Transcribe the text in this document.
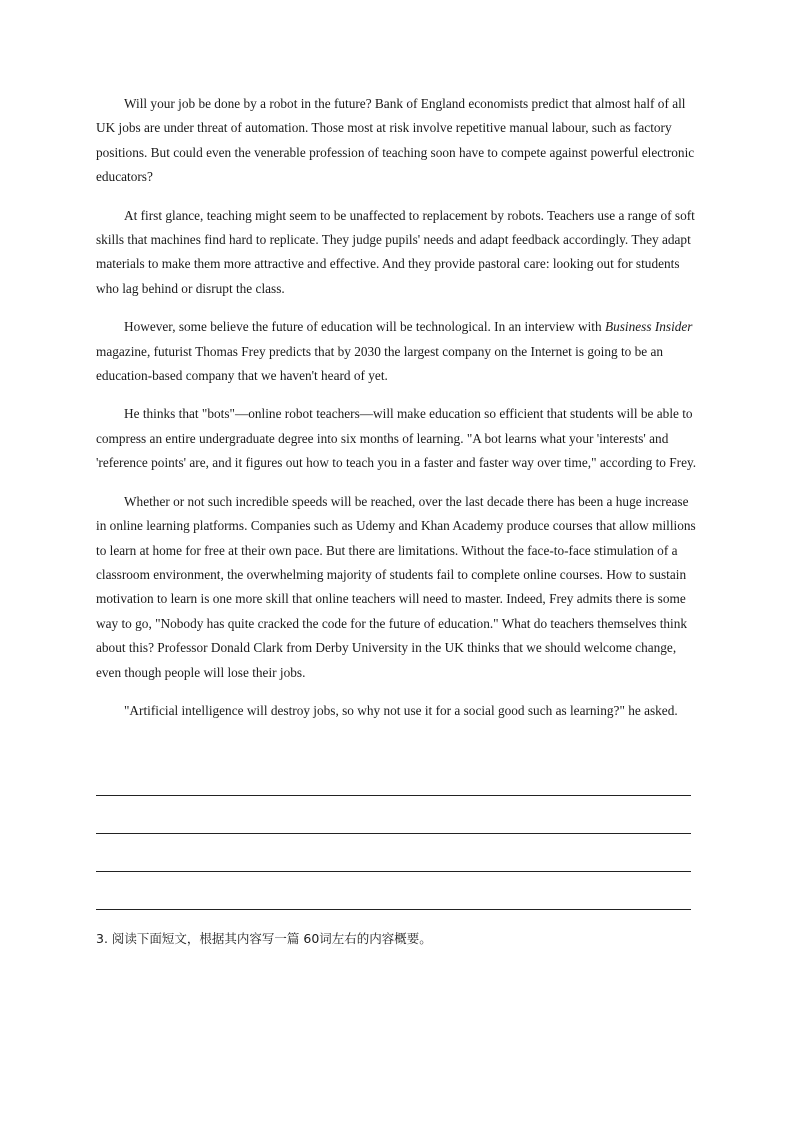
Will your job be done by a robot in the future? Bank of England economists predict that almost half of all UK jobs are under threat of automation. Those most at risk involve repetitive manual labour, such as factory positions. But could even the venerable profession of teaching soon have to compete against powerful electronic educators?

At first glance, teaching might seem to be unaffected to replacement by robots. Teachers use a range of soft skills that machines find hard to replicate. They judge pupils' needs and adapt feedback accordingly. They adapt materials to make them more attractive and effective. And they provide pastoral care: looking out for students who lag behind or disrupt the class.

However, some believe the future of education will be technological. In an interview with Business Insider magazine, futurist Thomas Frey predicts that by 2030 the largest company on the Internet is going to be an education-based company that we haven't heard of yet.

He thinks that "bots"—online robot teachers—will make education so efficient that students will be able to compress an entire undergraduate degree into six months of learning. "A bot learns what your 'interests' and 'reference points' are, and it figures out how to teach you in a faster and faster way over time," according to Frey.

Whether or not such incredible speeds will be reached, over the last decade there has been a huge increase in online learning platforms. Companies such as Udemy and Khan Academy produce courses that allow millions to learn at home for free at their own pace. But there are limitations. Without the face-to-face stimulation of a classroom environment, the overwhelming majority of students fail to complete online courses. How to sustain motivation to learn is one more skill that online teachers will need to master. Indeed, Frey admits there is some way to go, "Nobody has quite cracked the code for the future of education." What do teachers themselves think about this? Professor Donald Clark from Derby University in the UK thinks that we should welcome change, even though people will lose their jobs.

"Artificial intelligence will destroy jobs, so why not use it for a social good such as learning?" he asked.

3. 阅读下面短文，根据其内容写一篇 60词左右的内容概要。
